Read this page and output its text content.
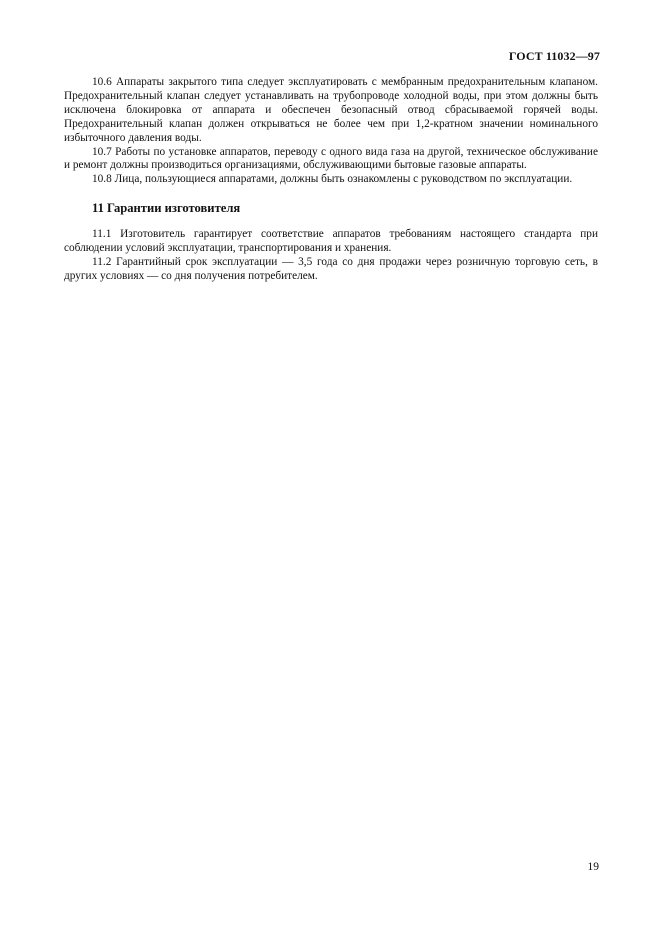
ГОСТ 11032—97

10.6 Аппараты закрытого типа следует эксплуатировать с мембранным предохранительным клапаном. Предохранительный клапан следует устанавливать на трубопроводе холодной воды, при этом должны быть исключена блокировка от аппарата и обеспечен безопасный отвод сбрасываемой горячей воды. Предохранительный клапан должен открываться не более чем при 1,2-кратном значении номинального избыточного давления воды.

10.7 Работы по установке аппаратов, переводу с одного вида газа на другой, техническое обслуживание и ремонт должны производиться организациями, обслуживающими бытовые газовые аппараты.

10.8 Лица, пользующиеся аппаратами, должны быть ознакомлены с руководством по эксплуатации.

11 Гарантии изготовителя

11.1 Изготовитель гарантирует соответствие аппаратов требованиям настоящего стандарта при соблюдении условий эксплуатации, транспортирования и хранения.

11.2 Гарантийный срок эксплуатации — 3,5 года со дня продажи через розничную торговую сеть, в других условиях — со дня получения потребителем.

19
